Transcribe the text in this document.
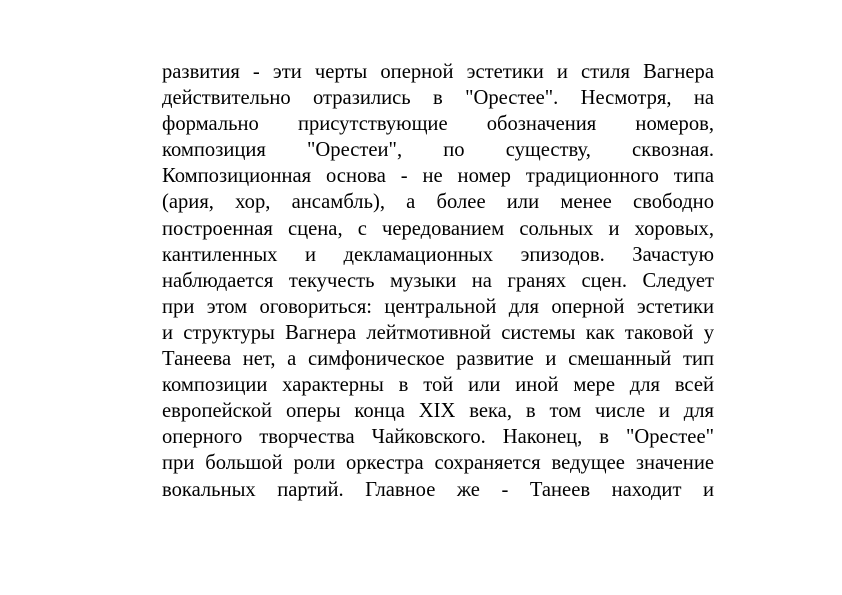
развития - эти черты оперной эстетики и стиля Вагнера
действительно отразились в "Орестее". Несмотря, на
формально присутствующие обозначения номеров,
композиция "Орестеи", по существу, сквозная.
Композиционная основа - не номер традиционного типа
(ария, хор, ансамбль), а более или менее свободно
построенная сцена, с чередованием сольных и хоровых,
кантиленных и декламационных эпизодов. Зачастую
наблюдается текучесть музыки на гранях сцен. Следует
при этом оговориться: центральной для оперной эстетики
и структуры Вагнера лейтмотивной системы как таковой у
Танеева нет, а симфоническое развитие и смешанный тип
композиции характерны в той или иной мере для всей
европейской оперы конца XIX века, в том числе и для
оперного творчества Чайковского. Наконец, в "Орестее"
при большой роли оркестра сохраняется ведущее значение
вокальных партий. Главное же - Танеев находит и
